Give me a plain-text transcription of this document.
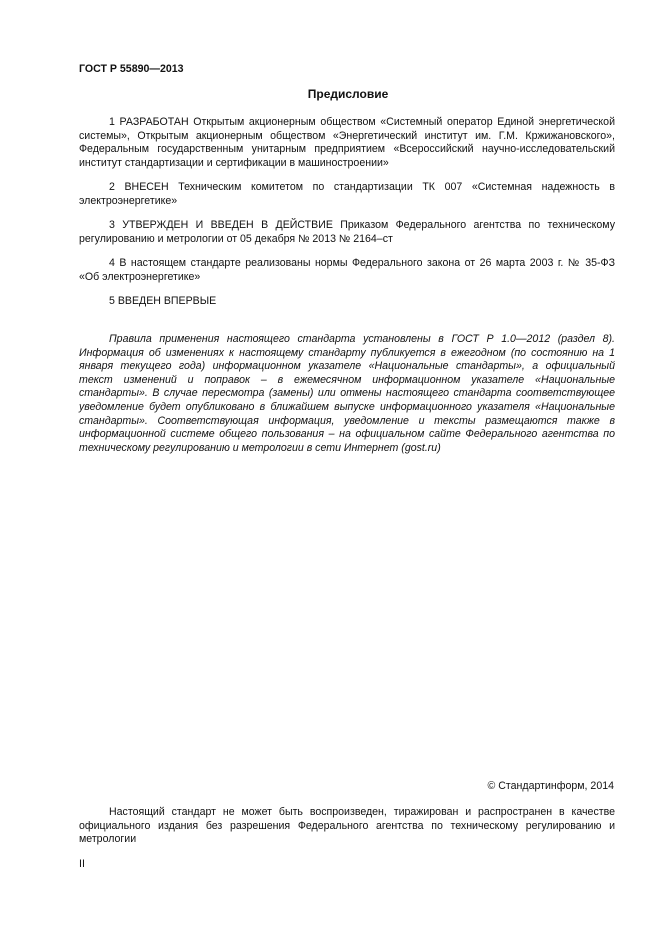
ГОСТ Р 55890—2013
Предисловие

1 РАЗРАБОТАН Открытым акционерным обществом «Системный оператор Единой энергетической системы», Открытым акционерным обществом «Энергетический институт им. Г.М. Кржижановского», Федеральным государственным унитарным предприятием «Всероссийский научно-исследовательский институт стандартизации и сертификации в машиностроении»

2 ВНЕСЕН Техническим комитетом по стандартизации ТК 007 «Системная надежность в электроэнергетике»

3 УТВЕРЖДЕН И ВВЕДЕН В ДЕЙСТВИЕ Приказом Федерального агентства по техническому регулированию и метрологии от 05 декабря № 2013 № 2164–ст

4 В настоящем стандарте реализованы нормы Федерального закона от 26 марта 2003 г. № 35-ФЗ «Об электроэнергетике»

5 ВВЕДЕН ВПЕРВЫЕ

Правила применения настоящего стандарта установлены в ГОСТ Р 1.0—2012 (раздел 8). Информация об изменениях к настоящему стандарту публикуется в ежегодном (по состоянию на 1 января текущего года) информационном указателе «Национальные стандарты», а официальный текст изменений и поправок – в ежемесячном информационном указателе «Национальные стандарты». В случае пересмотра (замены) или отмены настоящего стандарта соответствующее уведомление будет опубликовано в ближайшем выпуске информационного указателя «Национальные стандарты». Соответствующая информация, уведомление и тексты размещаются также в информационной системе общего пользования – на официальном сайте Федерального агентства по техническому регулированию и метрологии в сети Интернет (gost.ru)

© Стандартинформ, 2014

Настоящий стандарт не может быть воспроизведен, тиражирован и распространен в качестве официального издания без разрешения Федерального агентства по техническому регулированию и метрологии

II
